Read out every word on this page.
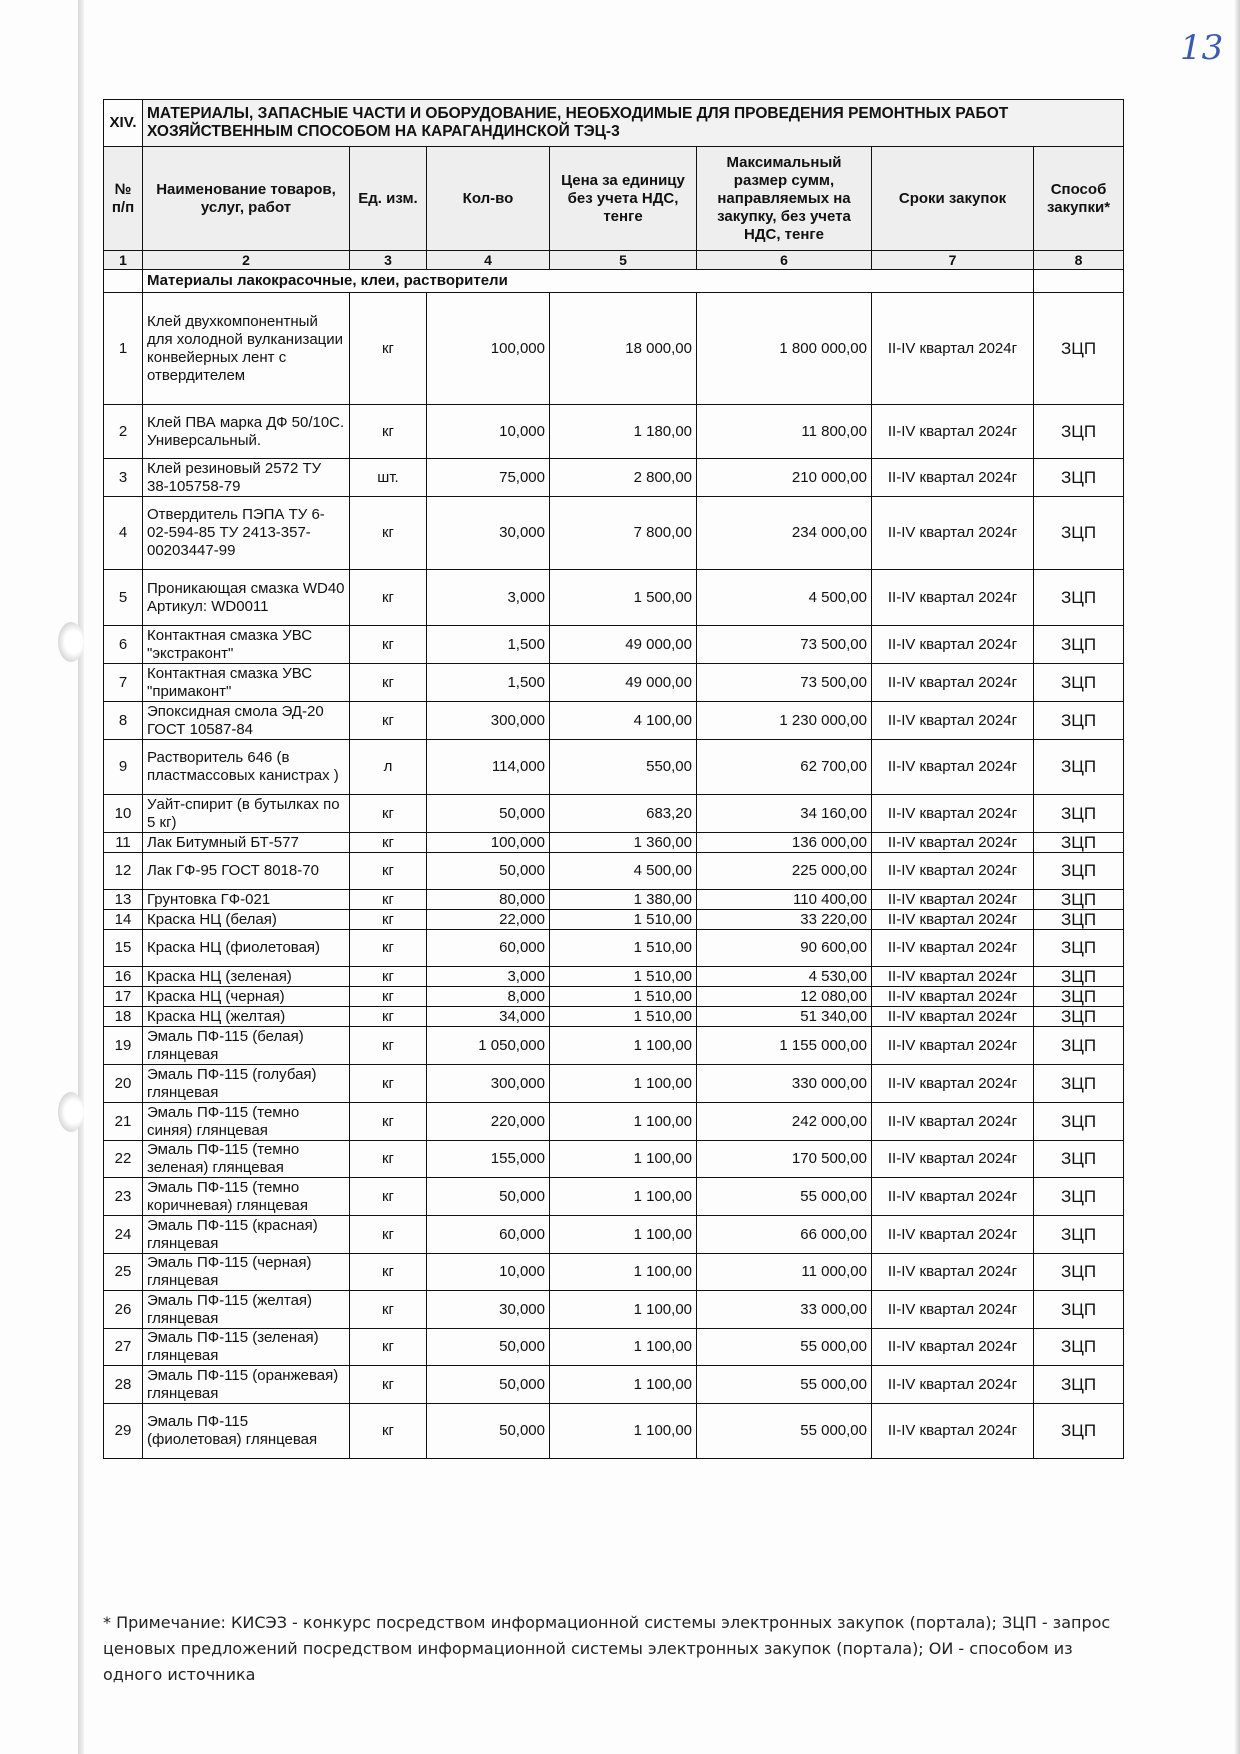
13
XIV.	МАТЕРИАЛЫ, ЗАПАСНЫЕ ЧАСТИ И ОБОРУДОВАНИЕ, НЕОБХОДИМЫЕ ДЛЯ ПРОВЕДЕНИЯ РЕМОНТНЫХ РАБОТ ХОЗЯЙСТВЕННЫМ СПОСОБОМ НА КАРАГАНДИНСКОЙ ТЭЦ-3						
№ п/п	Наименование товаров, услуг, работ	Ед. изм.	Кол-во	Цена за единицу без учета НДС, тенге	Максимальный размер сумм, направляемых на закупку, без учета НДС, тенге	Сроки закупок	Способ закупки*
1	2	3	4	5	6	7	8
	Материалы лакокрасочные, клеи, растворители						
1	Клей двухкомпонентный для холодной вулканизации конвейерных лент с отвердителем	кг	100,000	18 000,00	1 800 000,00	II-IV квартал 2024г	ЗЦП
2	Клей ПВА марка ДФ 50/10С. Универсальный.	кг	10,000	1 180,00	11 800,00	II-IV квартал 2024г	ЗЦП
3	Клей резиновый 2572 ТУ 38-105758-79	шт.	75,000	2 800,00	210 000,00	II-IV квартал 2024г	ЗЦП
4	Отвердитель ПЭПА ТУ 6-02-594-85 ТУ 2413-357-00203447-99	кг	30,000	7 800,00	234 000,00	II-IV квартал 2024г	ЗЦП
5	Проникающая смазка WD40 Артикул: WD0011	кг	3,000	1 500,00	4 500,00	II-IV квартал 2024г	ЗЦП
6	Контактная смазка УВС "экстраконт"	кг	1,500	49 000,00	73 500,00	II-IV квартал 2024г	ЗЦП
7	Контактная смазка УВС "примаконт"	кг	1,500	49 000,00	73 500,00	II-IV квартал 2024г	ЗЦП
8	Эпоксидная смола ЭД-20 ГОСТ 10587-84	кг	300,000	4 100,00	1 230 000,00	II-IV квартал 2024г	ЗЦП
9	Растворитель 646 (в пластмассовых канистрах )	л	114,000	550,00	62 700,00	II-IV квартал 2024г	ЗЦП
10	Уайт-спирит (в бутылках по 5 кг)	кг	50,000	683,20	34 160,00	II-IV квартал 2024г	ЗЦП
11	Лак Битумный БТ-577	кг	100,000	1 360,00	136 000,00	II-IV квартал 2024г	ЗЦП
12	Лак ГФ-95 ГОСТ 8018-70	кг	50,000	4 500,00	225 000,00	II-IV квартал 2024г	ЗЦП
13	Грунтовка ГФ-021	кг	80,000	1 380,00	110 400,00	II-IV квартал 2024г	ЗЦП
14	Краска НЦ (белая)	кг	22,000	1 510,00	33 220,00	II-IV квартал 2024г	ЗЦП
15	Краска НЦ (фиолетовая)	кг	60,000	1 510,00	90 600,00	II-IV квартал 2024г	ЗЦП
16	Краска НЦ (зеленая)	кг	3,000	1 510,00	4 530,00	II-IV квартал 2024г	ЗЦП
17	Краска НЦ (черная)	кг	8,000	1 510,00	12 080,00	II-IV квартал 2024г	ЗЦП
18	Краска НЦ (желтая)	кг	34,000	1 510,00	51 340,00	II-IV квартал 2024г	ЗЦП
19	Эмаль ПФ-115 (белая) глянцевая	кг	1 050,000	1 100,00	1 155 000,00	II-IV квартал 2024г	ЗЦП
20	Эмаль ПФ-115 (голубая) глянцевая	кг	300,000	1 100,00	330 000,00	II-IV квартал 2024г	ЗЦП
21	Эмаль ПФ-115 (темно синяя) глянцевая	кг	220,000	1 100,00	242 000,00	II-IV квартал 2024г	ЗЦП
22	Эмаль ПФ-115 (темно зеленая) глянцевая	кг	155,000	1 100,00	170 500,00	II-IV квартал 2024г	ЗЦП
23	Эмаль ПФ-115 (темно коричневая) глянцевая	кг	50,000	1 100,00	55 000,00	II-IV квартал 2024г	ЗЦП
24	Эмаль ПФ-115 (красная) глянцевая	кг	60,000	1 100,00	66 000,00	II-IV квартал 2024г	ЗЦП
25	Эмаль ПФ-115 (черная) глянцевая	кг	10,000	1 100,00	11 000,00	II-IV квартал 2024г	ЗЦП
26	Эмаль ПФ-115 (желтая) глянцевая	кг	30,000	1 100,00	33 000,00	II-IV квартал 2024г	ЗЦП
27	Эмаль ПФ-115 (зеленая) глянцевая	кг	50,000	1 100,00	55 000,00	II-IV квартал 2024г	ЗЦП
28	Эмаль ПФ-115 (оранжевая) глянцевая	кг	50,000	1 100,00	55 000,00	II-IV квартал 2024г	ЗЦП
29	Эмаль ПФ-115 (фиолетовая) глянцевая	кг	50,000	1 100,00	55 000,00	II-IV квартал 2024г	ЗЦП
* Примечание: КИСЭЗ - конкурс посредством информационной системы электронных закупок (портала); ЗЦП - запрос ценовых предложений посредством информационной системы электронных закупок (портала); ОИ - способом из одного источника
